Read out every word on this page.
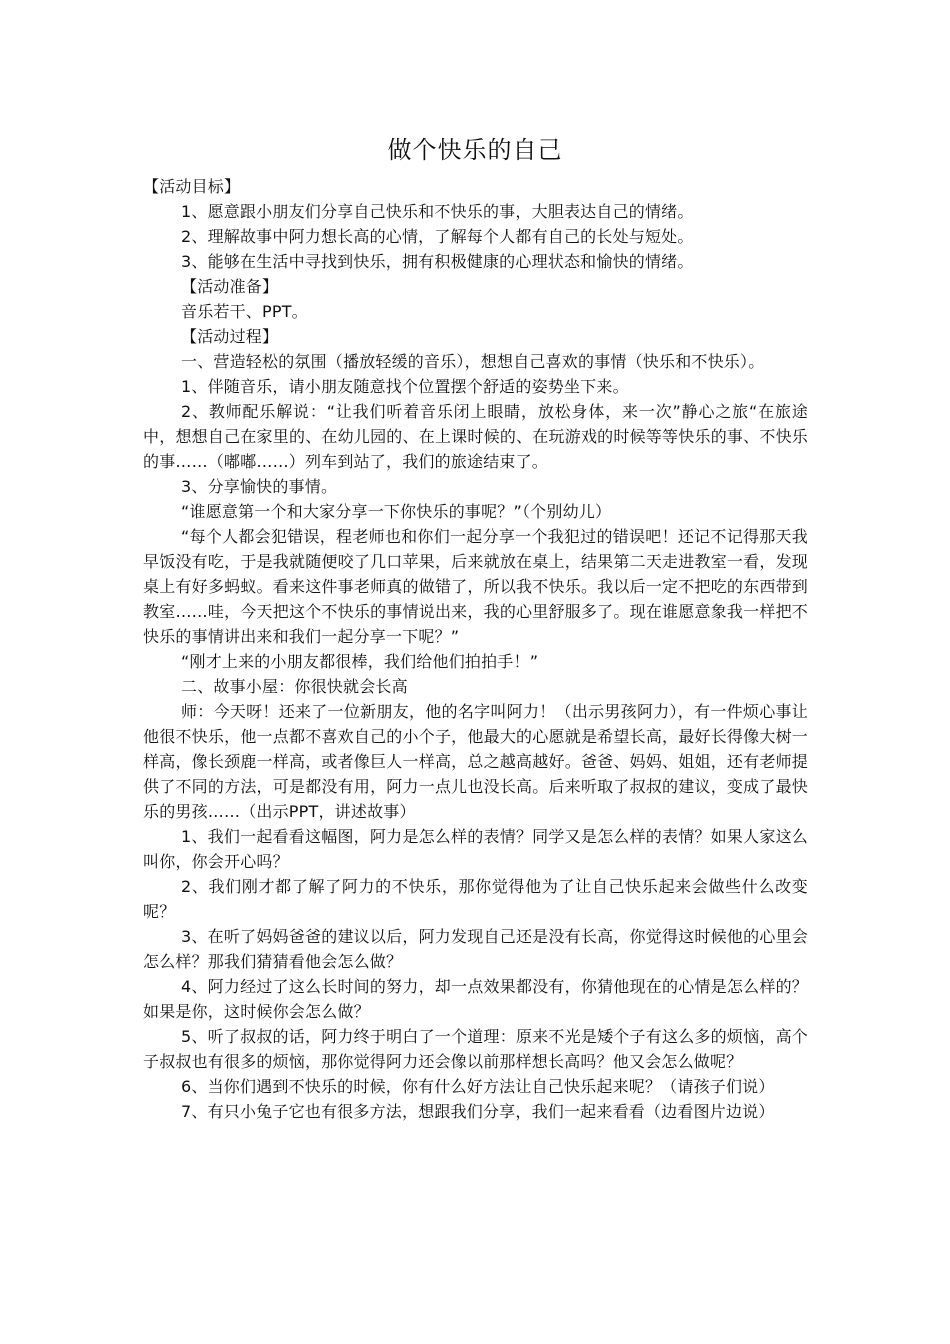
做个快乐的自己

【活动目标】

1、愿意跟小朋友们分享自己快乐和不快乐的事，大胆表达自己的情绪。

2、理解故事中阿力想长高的心情，了解每个人都有自己的长处与短处。

3、能够在生活中寻找到快乐，拥有积极健康的心理状态和愉快的情绪。

【活动准备】

音乐若干、PPT。

【活动过程】

一、营造轻松的氛围（播放轻缓的音乐），想想自己喜欢的事情（快乐和不快乐）。

1、伴随音乐，请小朋友随意找个位置摆个舒适的姿势坐下来。

2、教师配乐解说：“让我们听着音乐闭上眼睛，放松身体，来一次”静心之旅“在旅途中，想想自己在家里的、在幼儿园的、在上课时候的、在玩游戏的时候等等快乐的事、不快乐的事……（嘟嘟……）列车到站了，我们的旅途结束了。

3、分享愉快的事情。

“谁愿意第一个和大家分享一下你快乐的事呢？”（个别幼儿）

“每个人都会犯错误，程老师也和你们一起分享一个我犯过的错误吧！还记不记得那天我早饭没有吃，于是我就随便咬了几口苹果，后来就放在桌上，结果第二天走进教室一看，发现桌上有好多蚂蚁。看来这件事老师真的做错了，所以我不快乐。我以后一定不把吃的东西带到教室……哇，今天把这个不快乐的事情说出来，我的心里舒服多了。现在谁愿意象我一样把不快乐的事情讲出来和我们一起分享一下呢？”

“刚才上来的小朋友都很棒，我们给他们拍拍手！”

二、故事小屋：你很快就会长高

师：今天呀！还来了一位新朋友，他的名字叫阿力！（出示男孩阿力），有一件烦心事让他很不快乐，他一点都不喜欢自己的小个子，他最大的心愿就是希望长高，最好长得像大树一样高，像长颈鹿一样高，或者像巨人一样高，总之越高越好。爸爸、妈妈、姐姐，还有老师提供了不同的方法，可是都没有用，阿力一点儿也没长高。后来听取了叔叔的建议，变成了最快乐的男孩……（出示PPT，讲述故事）

1、我们一起看看这幅图，阿力是怎么样的表情？同学又是怎么样的表情？如果人家这么叫你，你会开心吗？

2、我们刚才都了解了阿力的不快乐，那你觉得他为了让自己快乐起来会做些什么改变呢？

3、在听了妈妈爸爸的建议以后，阿力发现自己还是没有长高，你觉得这时候他的心里会怎么样？那我们猜猜看他会怎么做？

4、阿力经过了这么长时间的努力，却一点效果都没有，你猜他现在的心情是怎么样的？如果是你，这时候你会怎么做？

5、听了叔叔的话，阿力终于明白了一个道理：原来不光是矮个子有这么多的烦恼，高个子叔叔也有很多的烦恼，那你觉得阿力还会像以前那样想长高吗？他又会怎么做呢？

6、当你们遇到不快乐的时候，你有什么好方法让自己快乐起来呢？（请孩子们说）

7、有只小兔子它也有很多方法，想跟我们分享，我们一起来看看（边看图片边说）
